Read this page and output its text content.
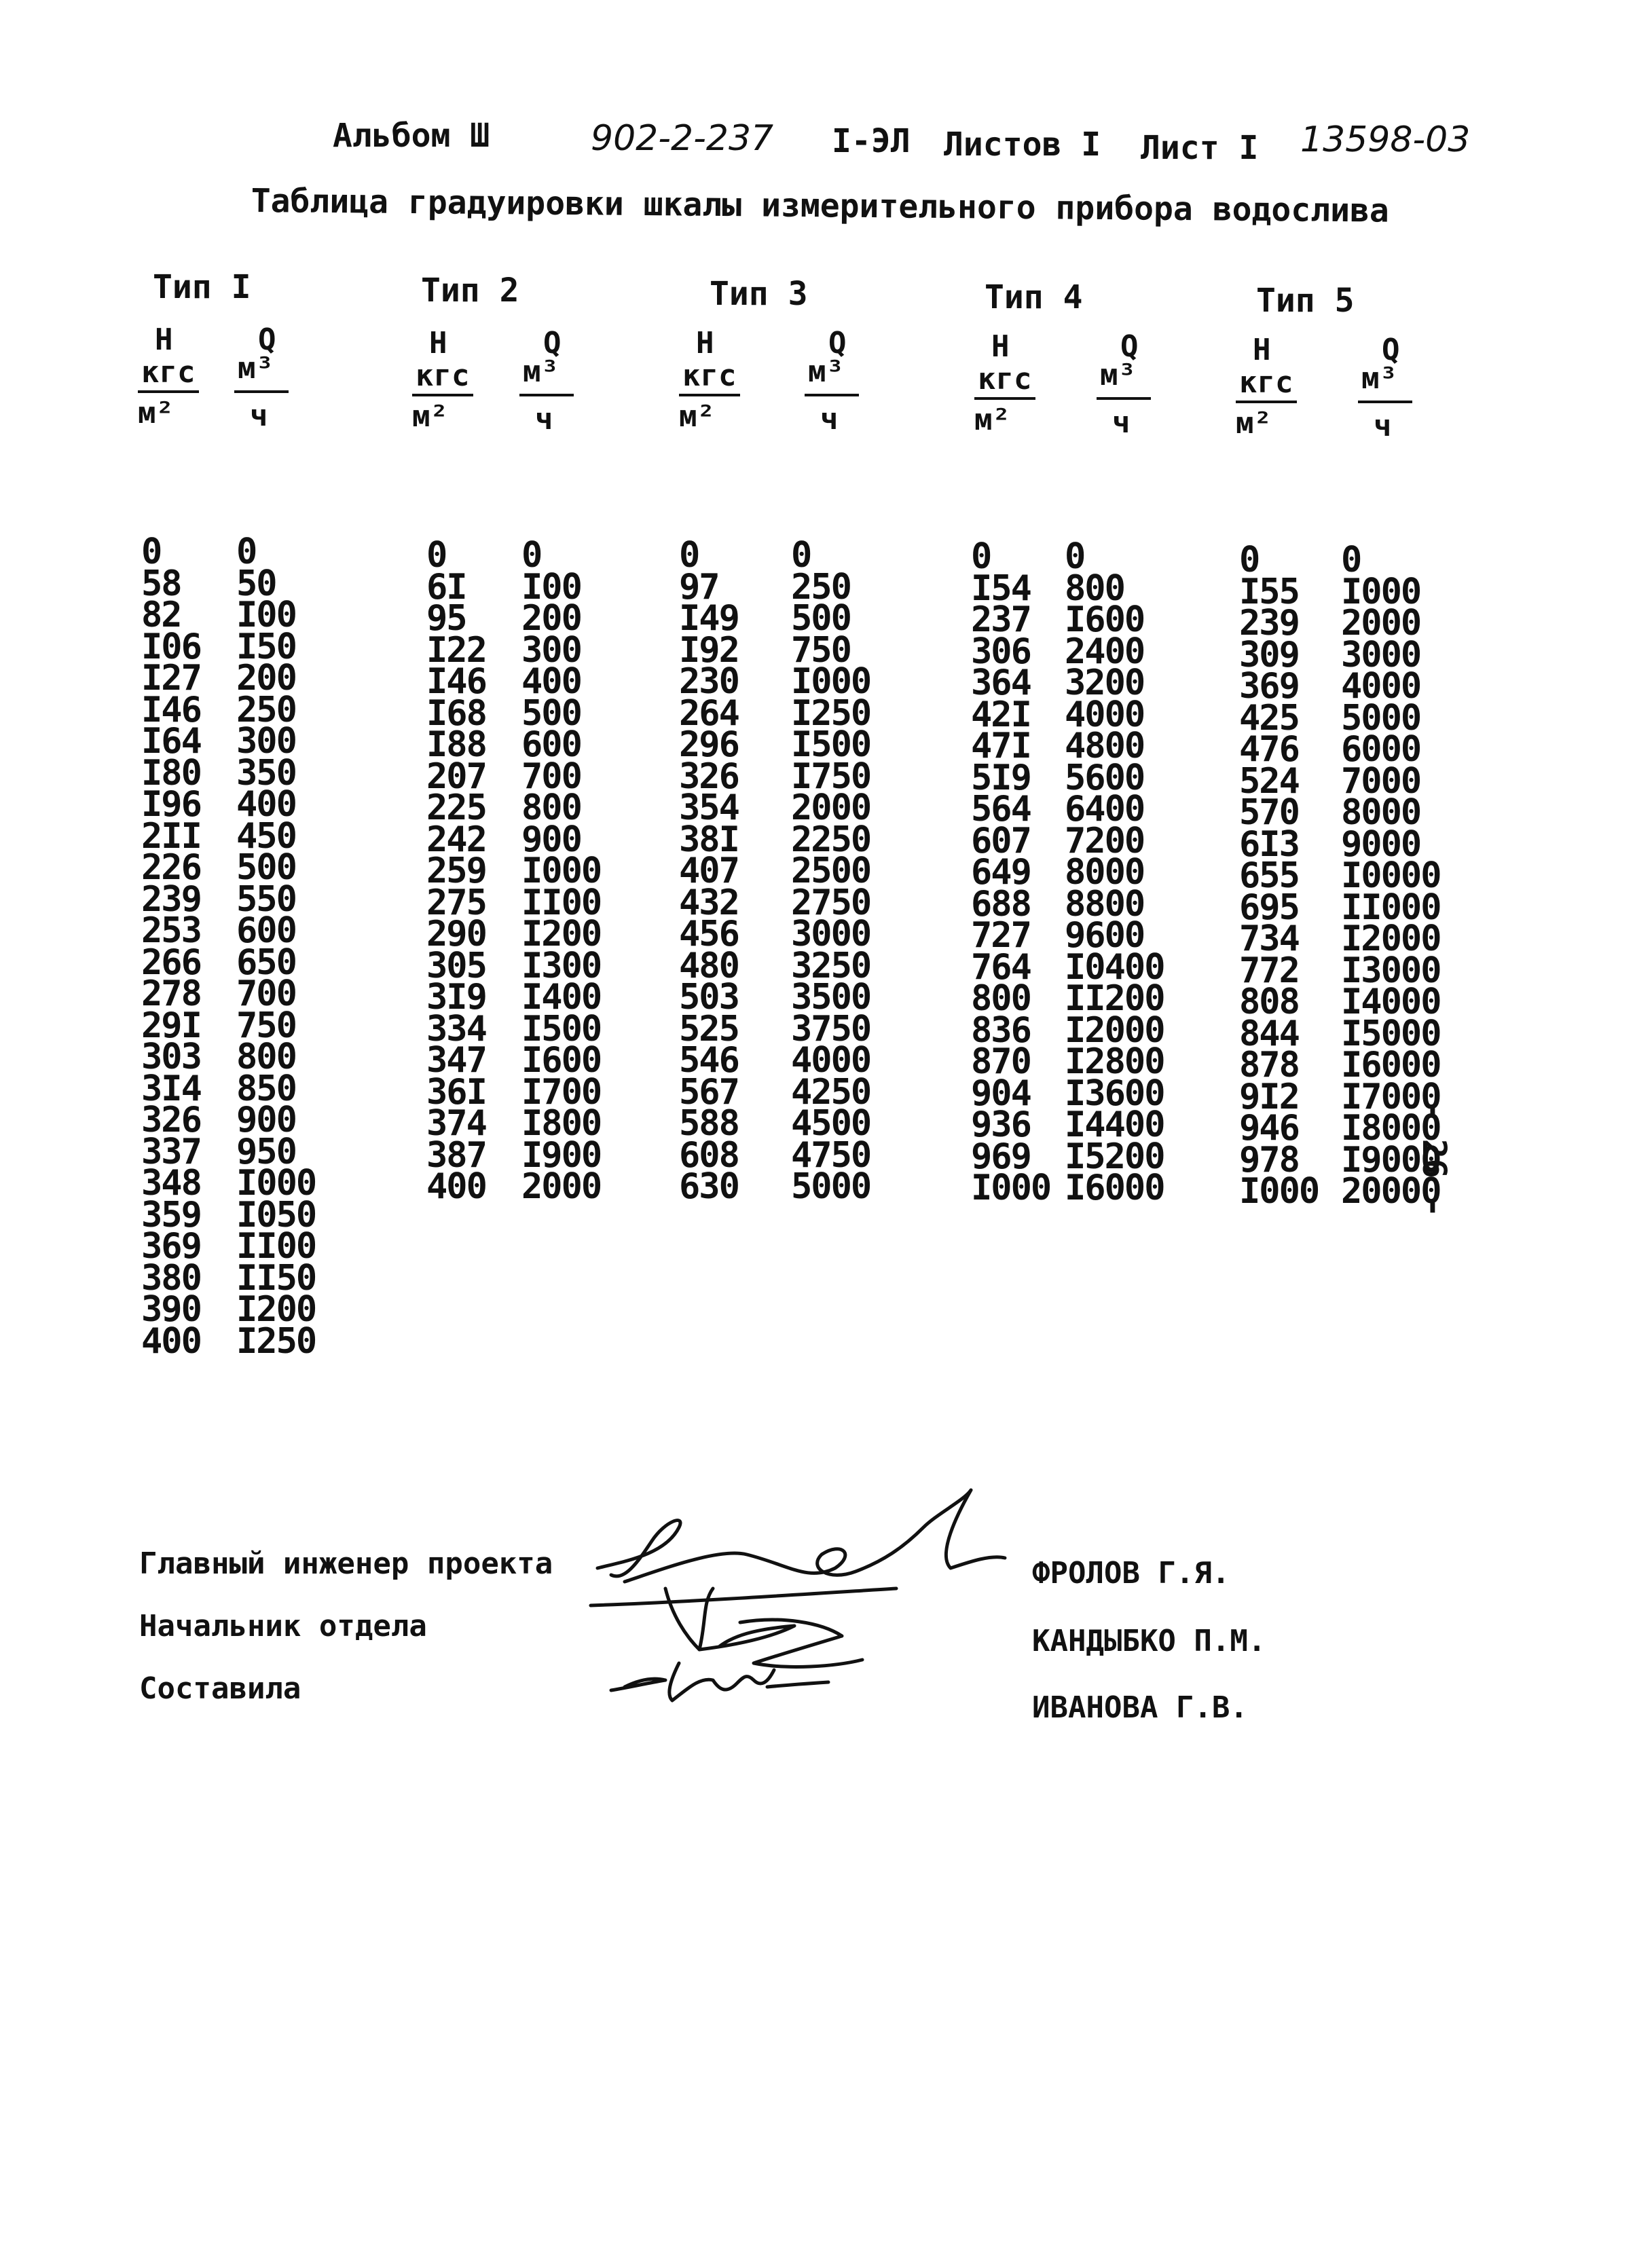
Альбом Ш	902-2-237 I-ЭЛ Листов I Лист I 13598-03
Таблица градуировки шкалы измерительного прибора водослива
Тип I
Н
кгс
м²
Q
м³
ч
0
58
82
I06
I27
I46
I64
I80
I96
2II
226
239
253
266
278
29I
303
3I4
326
337
348
359
369
380
390
400
0
50
I00
I50
200
250
300
350
400
450
500
550
600
650
700
750
800
850
900
950
I000
I050
II00
II50
I200
I250
Тип 2
Н
кгс
м²
Q
м³
ч
0
6I
95
I22
I46
I68
I88
207
225
242
259
275
290
305
3I9
334
347
36I
374
387
400
0
I00
200
300
400
500
600
700
800
900
I000
II00
I200
I300
I400
I500
I600
I700
I800
I900
2000
Тип 3
Н
кгс
м²
Q
м³
ч
0
97
I49
I92
230
264
296
326
354
38I
407
432
456
480
503
525
546
567
588
608
630
0
250
500
750
I000
I250
I500
I750
2000
2250
2500
2750
3000
3250
3500
3750
4000
4250
4500
4750
5000
Тип 4
Н
кгс
м²
Q
м³
ч
0
I54
237
306
364
42I
47I
5I9
564
607
649
688
727
764
800
836
870
904
936
969
I000
0
800
I600
2400
3200
4000
4800
5600
6400
7200
8000
8800
9600
I0400
II200
I2000
I2800
I3600
I4400
I5200
I6000
Тип 5
Н
кгс
м²
Q
м³
ч
0
I55
239
309
369
425
476
524
570
6I3
655
695
734
772
808
844
878
9I2
946
978
I000
0
I000
2000
3000
4000
5000
6000
7000
8000
9000
I0000
II000
I2000
I3000
I4000
I5000
I6000
I7000
I8000
I9000
20000
- 26 -
Главный инженер проекта
Начальник отдела
Составила
ФРОЛОВ Г.Я.
КАНДЫБКО П.М.
ИВАНОВА Г.В.
